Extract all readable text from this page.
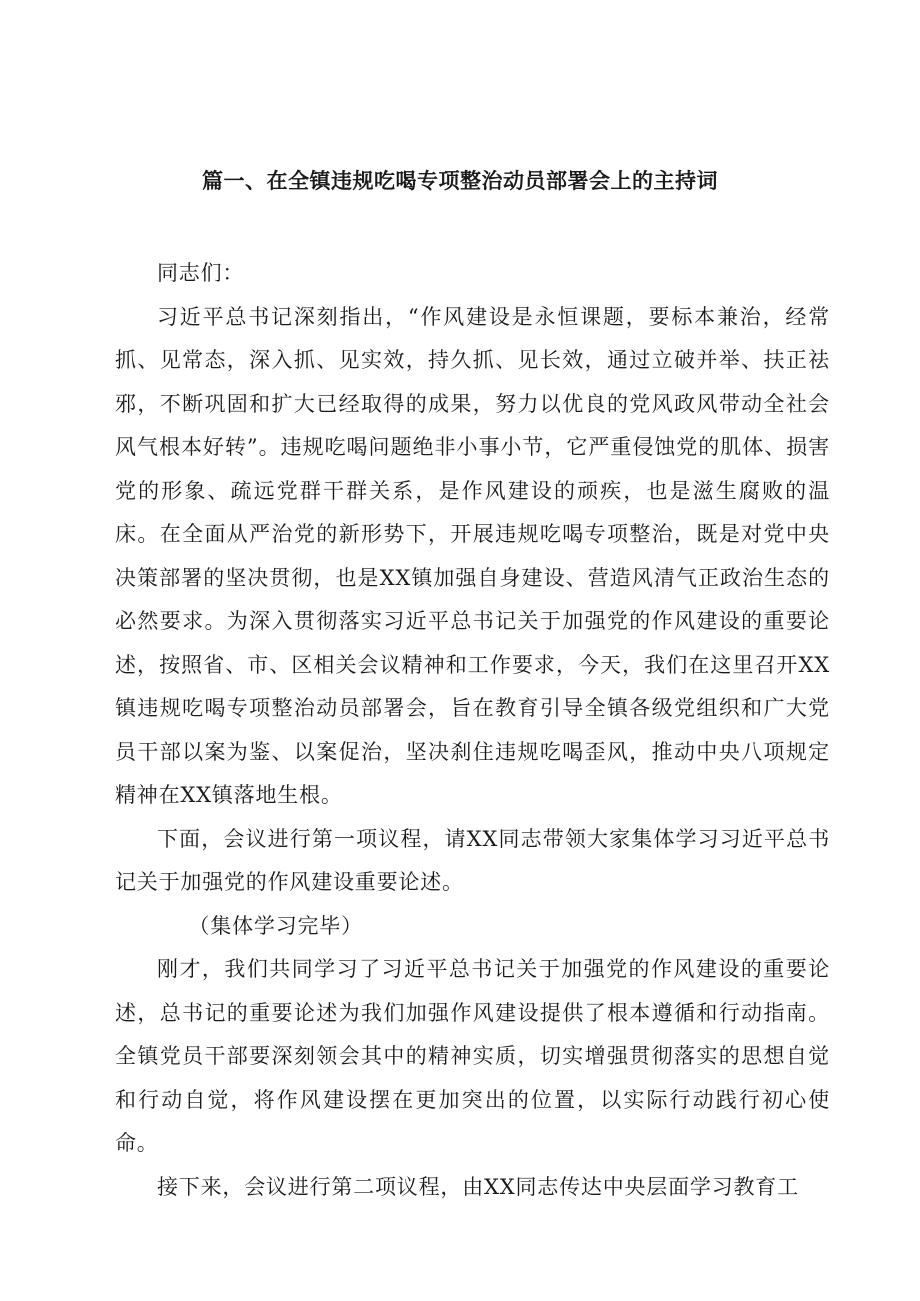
篇一、在全镇违规吃喝专项整治动员部署会上的主持词

同志们：

习近平总书记深刻指出，“作风建设是永恒课题，要标本兼治，经常抓、见常态，深入抓、见实效，持久抓、见长效，通过立破并举、扶正祛邪，不断巩固和扩大已经取得的成果，努力以优良的党风政风带动全社会风气根本好转”。违规吃喝问题绝非小事小节，它严重侵蚀党的肌体、损害党的形象、疏远党群干群关系，是作风建设的顽疾，也是滋生腐败的温床。在全面从严治党的新形势下，开展违规吃喝专项整治，既是对党中央决策部署的坚决贯彻，也是XX镇加强自身建设、营造风清气正政治生态的必然要求。为深入贯彻落实习近平总书记关于加强党的作风建设的重要论述，按照省、市、区相关会议精神和工作要求，今天，我们在这里召开XX镇违规吃喝专项整治动员部署会，旨在教育引导全镇各级党组织和广大党员干部以案为鉴、以案促治，坚决刹住违规吃喝歪风，推动中央八项规定精神在XX镇落地生根。

下面，会议进行第一项议程，请XX同志带领大家集体学习习近平总书记关于加强党的作风建设重要论述。

（集体学习完毕）

刚才，我们共同学习了习近平总书记关于加强党的作风建设的重要论述，总书记的重要论述为我们加强作风建设提供了根本遵循和行动指南。全镇党员干部要深刻领会其中的精神实质，切实增强贯彻落实的思想自觉和行动自觉，将作风建设摆在更加突出的位置，以实际行动践行初心使命。

接下来，会议进行第二项议程，由XX同志传达中央层面学习教育工
